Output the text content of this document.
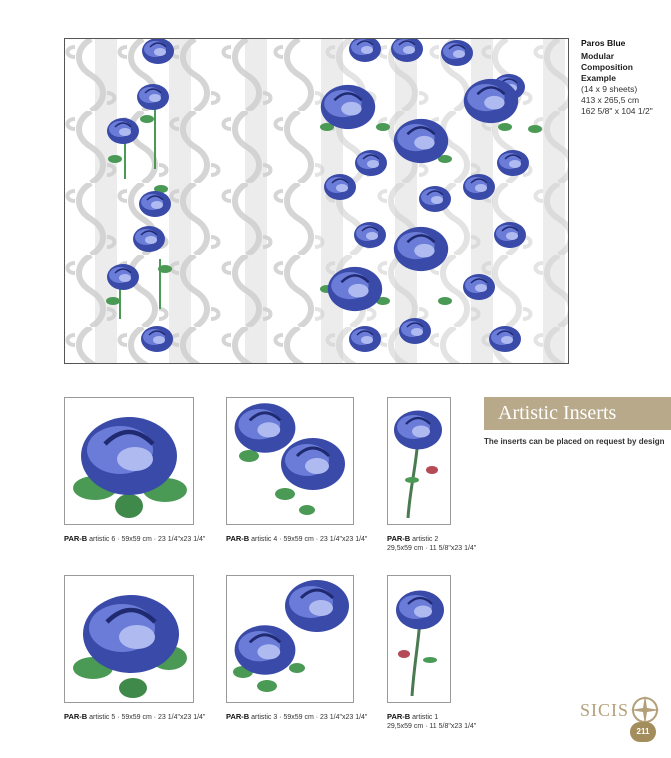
Paros Blue
Modular Composition Example
(14 x 9 sheets)
413 x 265,5 cm
162 5/8" x 104 1/2"
Artistic Inserts
The inserts can be placed on request by design
PAR-B artistic 6 · 59x59 cm · 23 1/4"x23 1/4"	PAR-B artistic 4 · 59x59 cm · 23 1/4"x23 1/4"	PAR-B artistic 2
29,5x59 cm · 11 5/8"x23 1/4"
PAR-B artistic 5 · 59x59 cm · 23 1/4"x23 1/4"	PAR-B artistic 3 · 59x59 cm · 23 1/4"x23 1/4"	PAR-B artistic 1
29,5x59 cm · 11 5/8"x23 1/4"
SICIS
211
